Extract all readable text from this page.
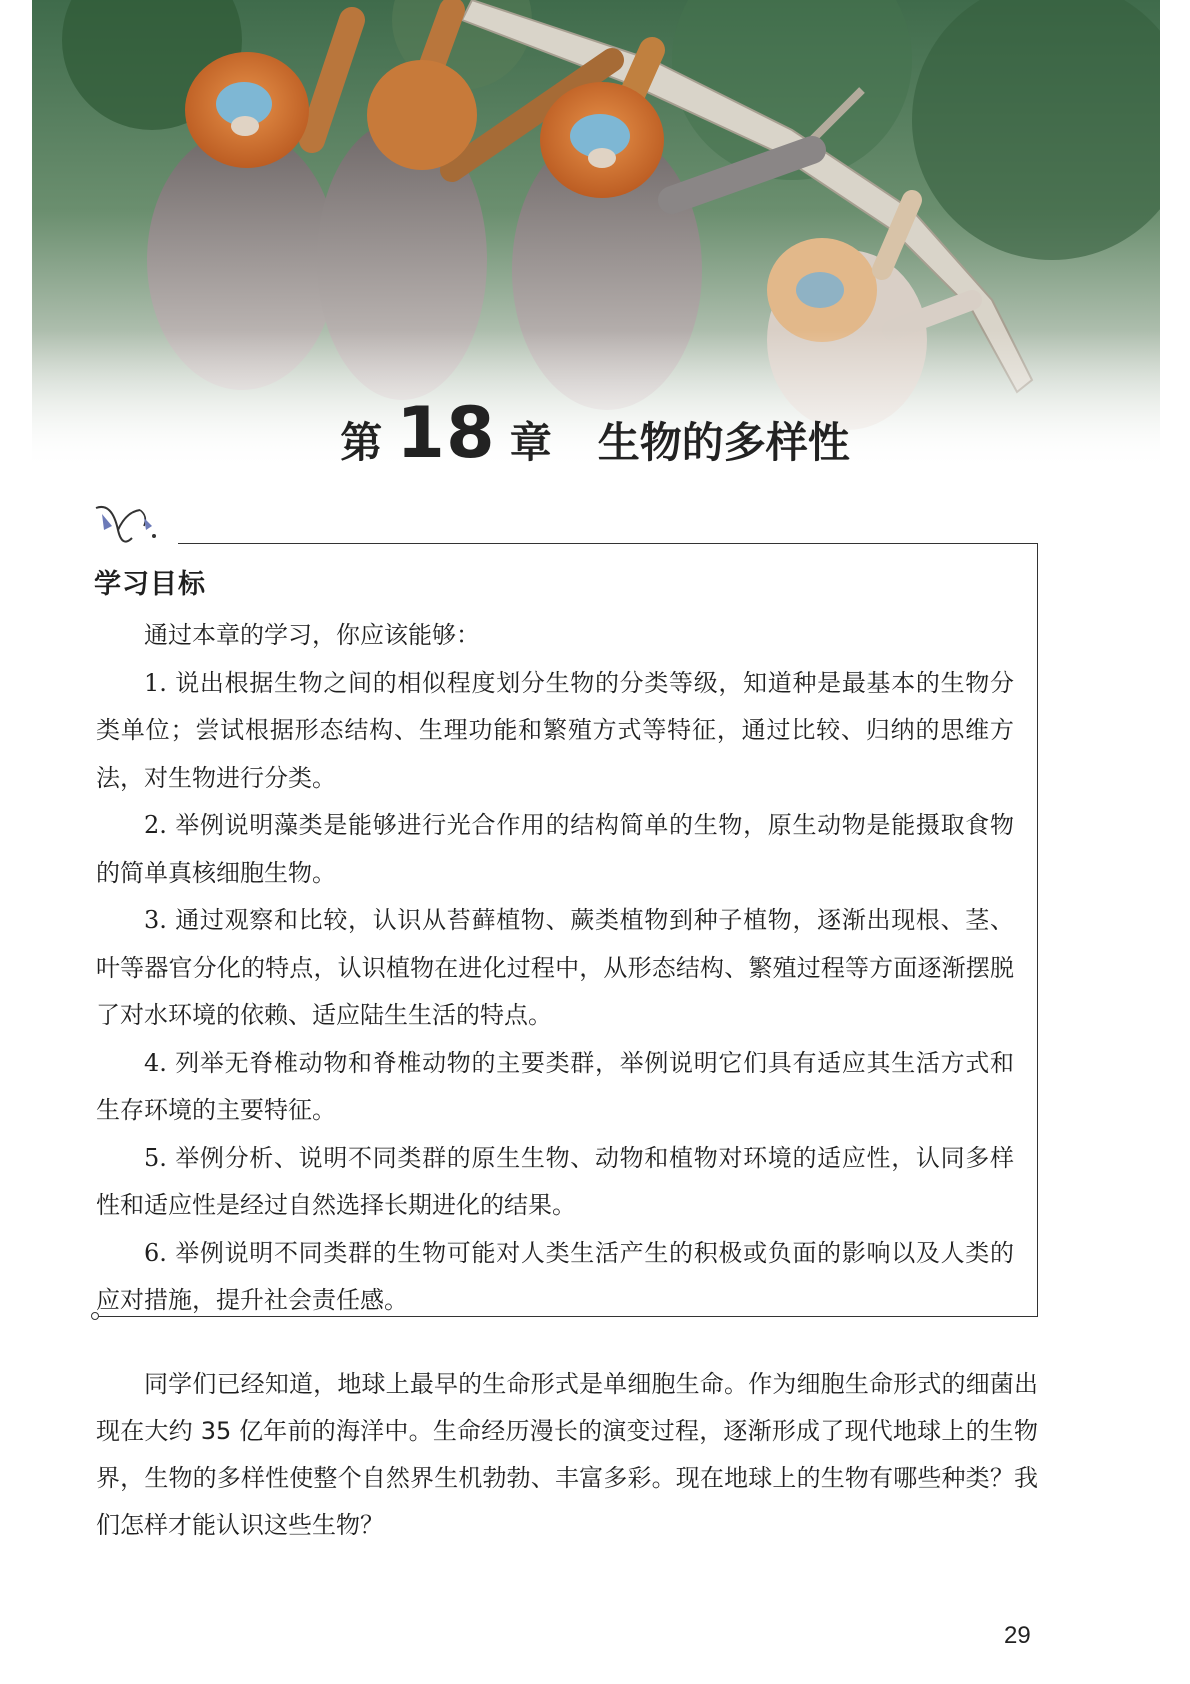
第 18 章 生物的多样性
学习目标

通过本章的学习，你应该能够：

1. 说出根据生物之间的相似程度划分生物的分类等级，知道种是最基本的生物分类单位；尝试根据形态结构、生理功能和繁殖方式等特征，通过比较、归纳的思维方法，对生物进行分类。

2. 举例说明藻类是能够进行光合作用的结构简单的生物，原生动物是能摄取食物的简单真核细胞生物。

3. 通过观察和比较，认识从苔藓植物、蕨类植物到种子植物，逐渐出现根、茎、叶等器官分化的特点，认识植物在进化过程中，从形态结构、繁殖过程等方面逐渐摆脱了对水环境的依赖、适应陆生生活的特点。

4. 列举无脊椎动物和脊椎动物的主要类群，举例说明它们具有适应其生活方式和生存环境的主要特征。

5. 举例分析、说明不同类群的原生生物、动物和植物对环境的适应性，认同多样性和适应性是经过自然选择长期进化的结果。

6. 举例说明不同类群的生物可能对人类生活产生的积极或负面的影响以及人类的应对措施，提升社会责任感。

同学们已经知道，地球上最早的生命形式是单细胞生命。作为细胞生命形式的细菌出现在大约 35 亿年前的海洋中。生命经历漫长的演变过程，逐渐形成了现代地球上的生物界，生物的多样性使整个自然界生机勃勃、丰富多彩。现在地球上的生物有哪些种类？我们怎样才能认识这些生物？

29
